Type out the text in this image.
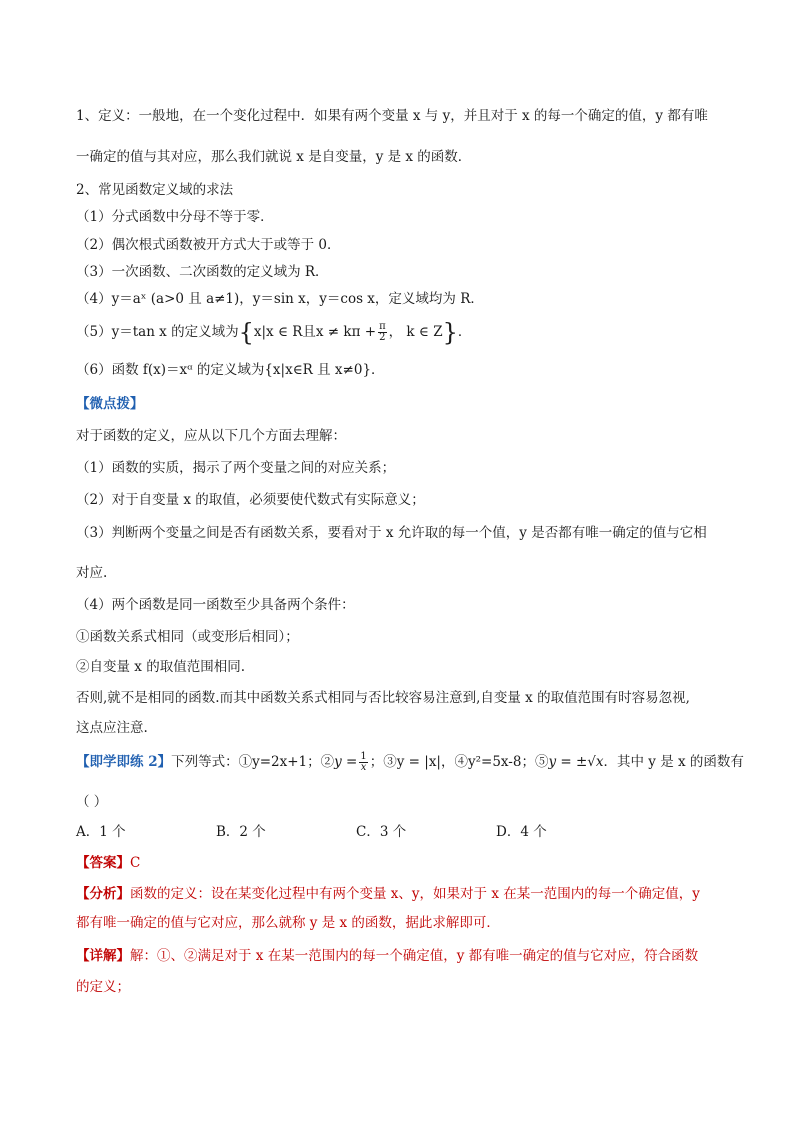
1、定义：一般地，在一个变化过程中．如果有两个变量 x 与 y，并且对于 x 的每一个确定的值，y 都有唯
一确定的值与其对应，那么我们就说 x 是自变量，y 是 x 的函数．
2、常见函数定义域的求法
（1）分式函数中分母不等于零．
（2）偶次根式函数被开方式大于或等于 0．
（3）一次函数、二次函数的定义域为 R．
（4）y＝aˣ (a>0 且 a≠1)，y＝sin x，y＝cos x，定义域均为 R．
（5）y＝tan x 的定义域为{x|x ∈ R且$x \ne k\pi + \frac{\pi}{2}$ ， k ∈ Z}．
（6）函数 f(x)＝xᵅ 的定义域为{x|x∈R 且 x≠0}．
【微点拨】
对于函数的定义，应从以下几个方面去理解：
（1）函数的实质，揭示了两个变量之间的对应关系；
（2）对于自变量 x 的取值，必须要使代数式有实际意义；
（3）判断两个变量之间是否有函数关系，要看对于 x 允许取的每一个值，y 是否都有唯一确定的值与它相
对应.
（4）两个函数是同一函数至少具备两个条件：
①函数关系式相同（或变形后相同）；
②自变量 x 的取值范围相同.
否则,就不是相同的函数.而其中函数关系式相同与否比较容易注意到,自变量 x 的取值范围有时容易忽视,
这点应注意.
【即学即练 2】下列等式：①y=2x+1；②y = $\frac{1}{x}$ ；③y = |x|，④y²=5x-8；⑤y = ±√x．其中 y 是 x 的函数有
（ ）
A．1 个	B．2 个	C．3 个	D．4 个
【答案】C
【分析】函数的定义：设在某变化过程中有两个变量 x、y，如果对于 x 在某一范围内的每一个确定值，y
都有唯一确定的值与它对应，那么就称 y 是 x 的函数，据此求解即可．
【详解】解：①、②满足对于 x 在某一范围内的每一个确定值，y 都有唯一确定的值与它对应，符合函数
的定义；
